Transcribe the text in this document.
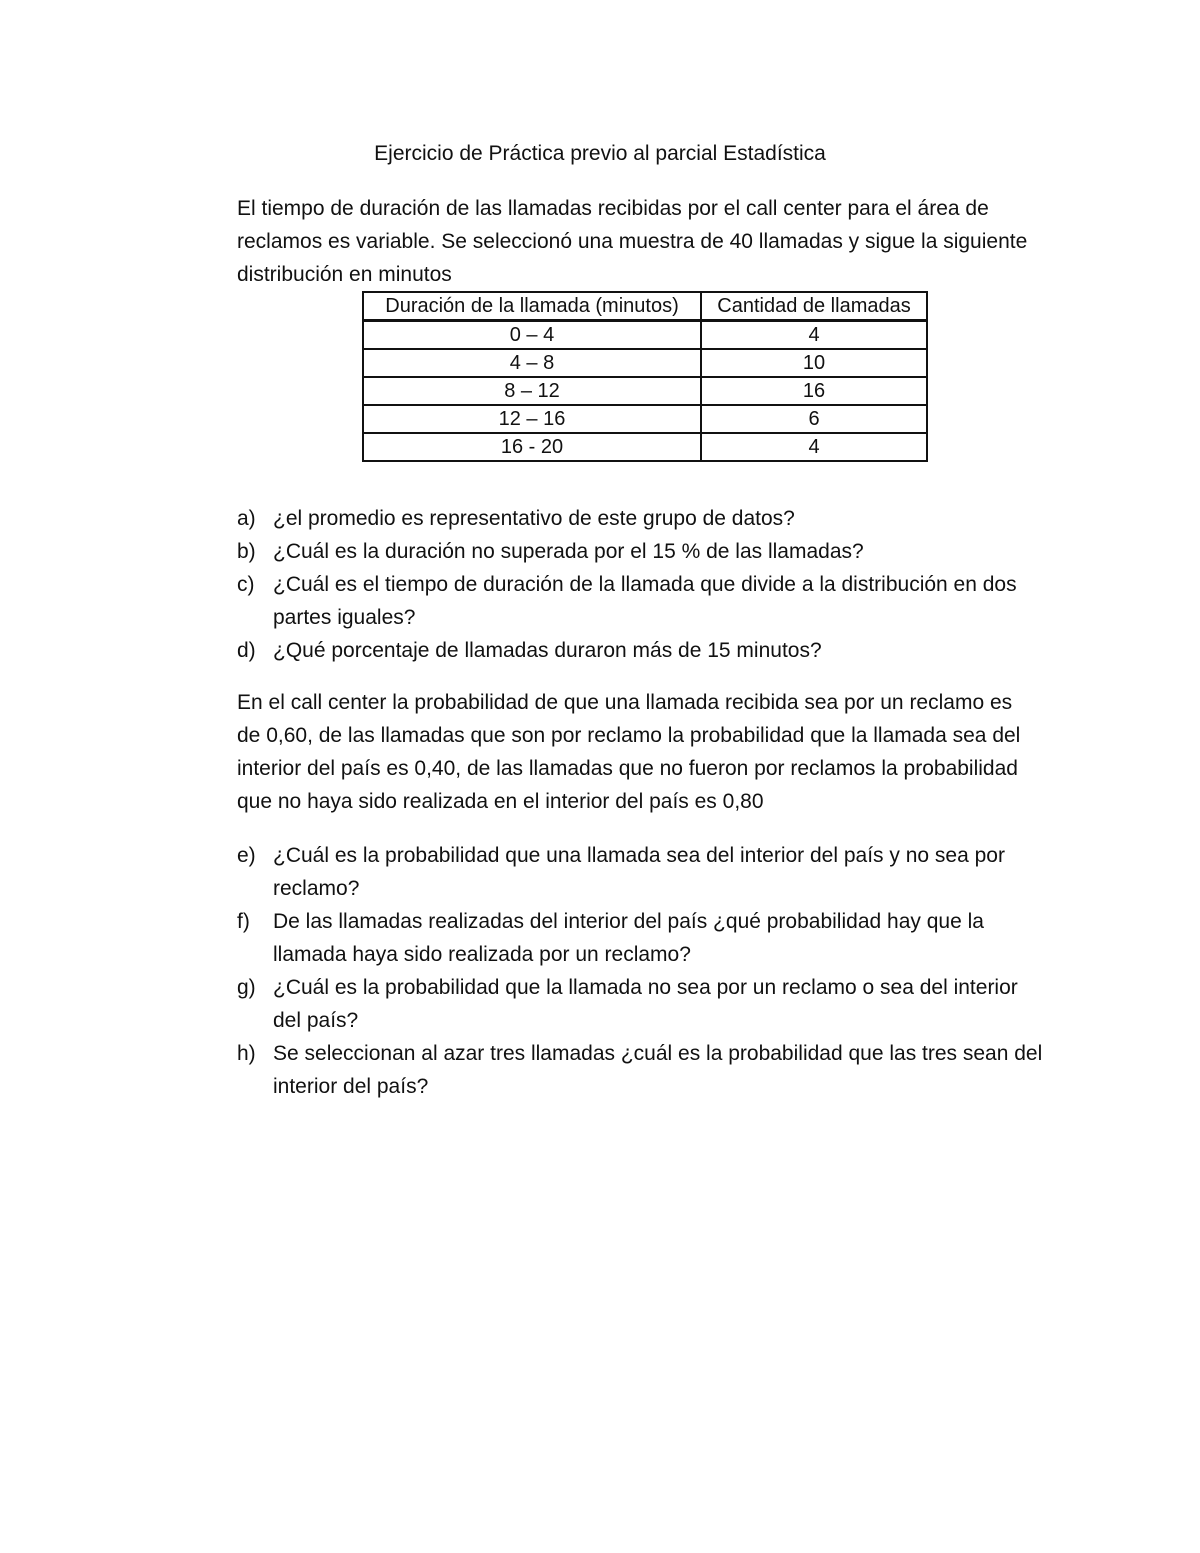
Ejercicio de Práctica previo al parcial Estadística

El tiempo de duración de las llamadas recibidas por el call center para el área de
reclamos es variable. Se seleccionó una muestra de 40 llamadas y sigue la siguiente
distribución en minutos

Duración de la llamada (minutos)	Cantidad de llamadas
0 – 4	4
4 – 8	10
8 – 12	16
12 – 16	6
16 - 20	4

a) ¿el promedio es representativo de este grupo de datos?

b) ¿Cuál es la duración no superada por el 15 % de las llamadas?

c) ¿Cuál es el tiempo de duración de la llamada que divide a la distribución en dos
partes iguales?

d) ¿Qué porcentaje de llamadas duraron más de 15 minutos?

En el call center la probabilidad de que una llamada recibida sea por un reclamo es
de 0,60, de las llamadas que son por reclamo la probabilidad que la llamada sea del
interior del país es 0,40, de las llamadas que no fueron por reclamos la probabilidad
que no haya sido realizada en el interior del país es 0,80

e) ¿Cuál es la probabilidad que una llamada sea del interior del país y no sea por
reclamo?

f) De las llamadas realizadas del interior del país ¿qué probabilidad hay que la
llamada haya sido realizada por un reclamo?

g) ¿Cuál es la probabilidad que la llamada no sea por un reclamo o sea del interior
del país?

h) Se seleccionan al azar tres llamadas ¿cuál es la probabilidad que las tres sean del
interior del país?
